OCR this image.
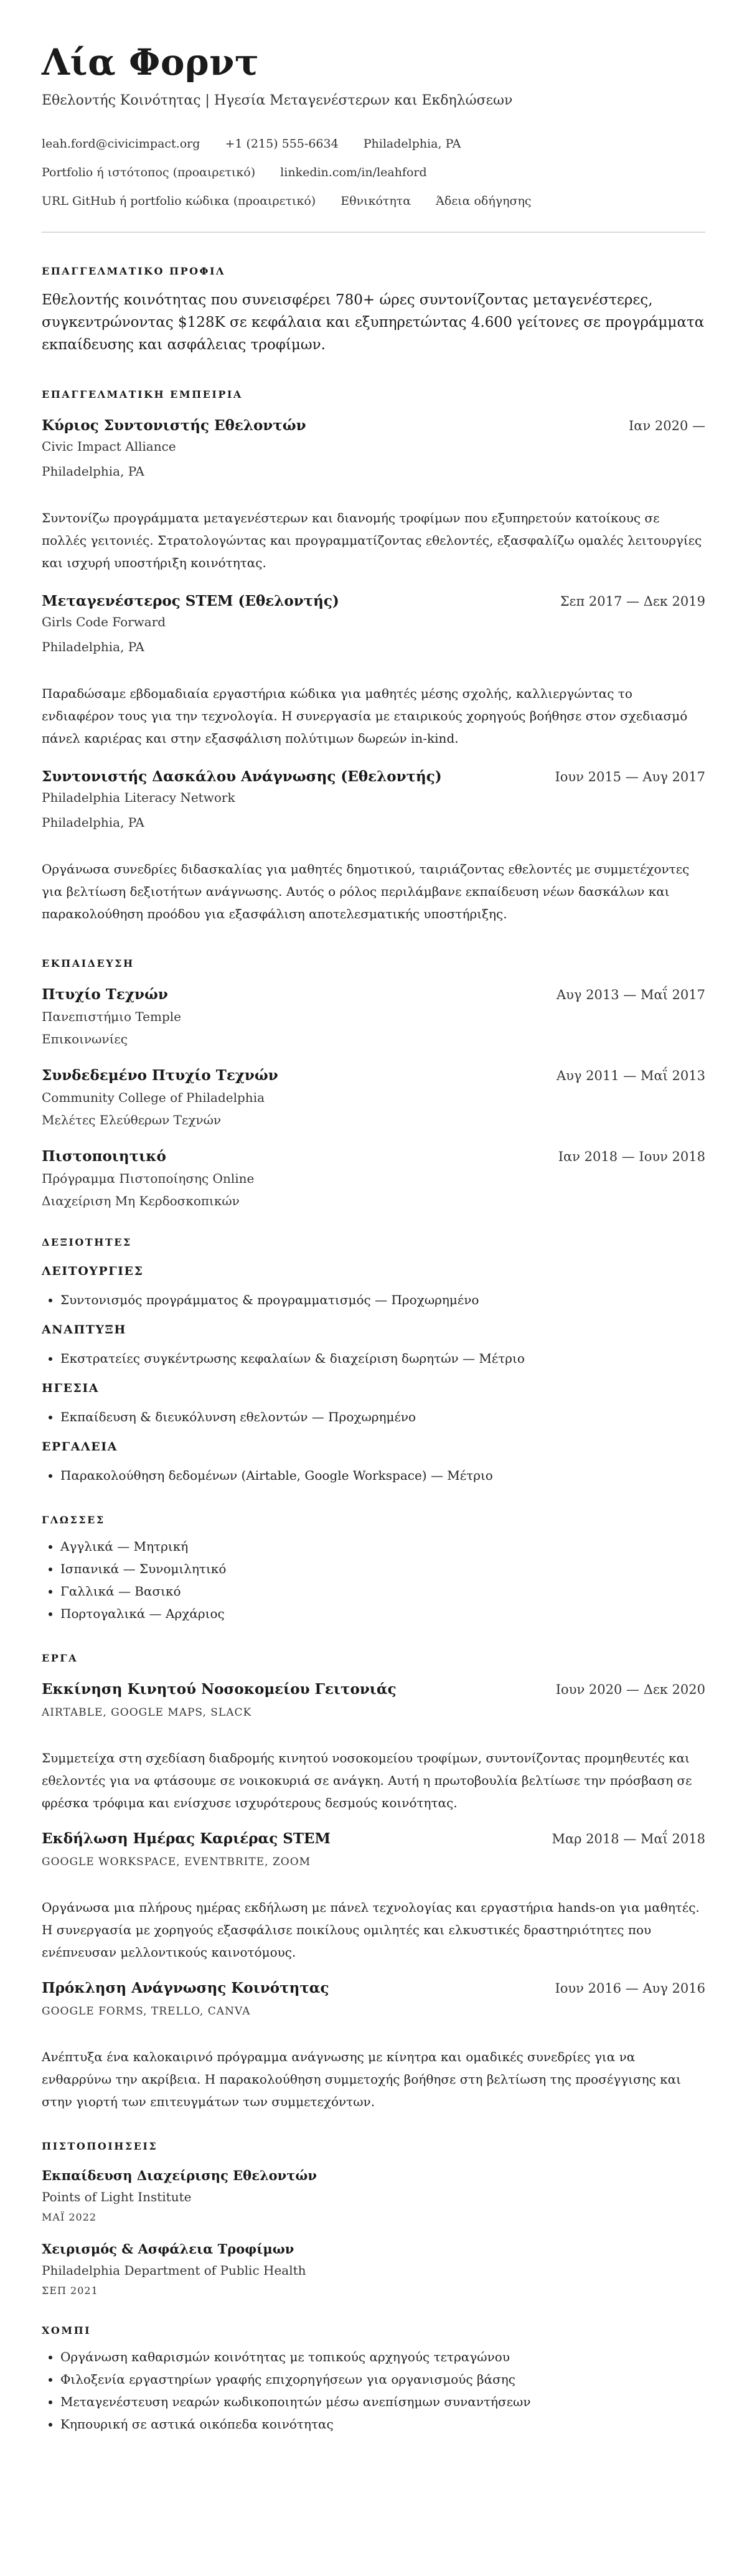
Λία Φορντ
Εθελοντής Κοινότητας | Ηγεσία Μεταγενέστερων και Εκδηλώσεων
leah.ford@civicimpact.org +1 (215) 555-6634 Philadelphia, PA
Portfolio ή ιστότοπος (προαιρετικό) linkedin.com/in/leahford
URL GitHub ή portfolio κώδικα (προαιρετικό) Εθνικότητα Άδεια οδήγησης
ΕΠΑΓΓΕΛΜΑΤΙΚΟ ΠΡΟΦΙΛ
Εθελοντής κοινότητας που συνεισφέρει 780+ ώρες συντονίζοντας μεταγενέστερες, συγκεντρώνοντας $128K σε κεφάλαια και εξυπηρετώντας 4.600 γείτονες σε προγράμματα εκπαίδευσης και ασφάλειας τροφίμων.
ΕΠΑΓΓΕΛΜΑΤΙΚΗ ΕΜΠΕΙΡΙΑ
Κύριος Συντονιστής Εθελοντών	Ιαν 2020 —
Civic Impact Alliance
Philadelphia, PA
Συντονίζω προγράμματα μεταγενέστερων και διανομής τροφίμων που εξυπηρετούν κατοίκους σε πολλές γειτονιές. Στρατολογώντας και προγραμματίζοντας εθελοντές, εξασφαλίζω ομαλές λειτουργίες και ισχυρή υποστήριξη κοινότητας.
Μεταγενέστερος STEM (Εθελοντής)	Σεπ 2017 — Δεκ 2019
Girls Code Forward
Philadelphia, PA
Παραδώσαμε εβδομαδιαία εργαστήρια κώδικα για μαθητές μέσης σχολής, καλλιεργώντας το ενδιαφέρον τους για την τεχνολογία. Η συνεργασία με εταιρικούς χορηγούς βοήθησε στον σχεδιασμό πάνελ καριέρας και στην εξασφάλιση πολύτιμων δωρεών in-kind.
Συντονιστής Δασκάλου Ανάγνωσης (Εθελοντής)	Ιουν 2015 — Αυγ 2017
Philadelphia Literacy Network
Philadelphia, PA
Οργάνωσα συνεδρίες διδασκαλίας για μαθητές δημοτικού, ταιριάζοντας εθελοντές με συμμετέχοντες για βελτίωση δεξιοτήτων ανάγνωσης. Αυτός ο ρόλος περιλάμβανε εκπαίδευση νέων δασκάλων και παρακολούθηση προόδου για εξασφάλιση αποτελεσματικής υποστήριξης.
ΕΚΠΑΙΔΕΥΣΗ
Πτυχίο Τεχνών	Αυγ 2013 — Μαΐ 2017
Πανεπιστήμιο Temple
Επικοινωνίες
Συνδεδεμένο Πτυχίο Τεχνών	Αυγ 2011 — Μαΐ 2013
Community College of Philadelphia
Μελέτες Ελεύθερων Τεχνών
Πιστοποιητικό	Ιαν 2018 — Ιουν 2018
Πρόγραμμα Πιστοποίησης Online
Διαχείριση Μη Κερδοσκοπικών
ΔΕΞΙΟΤΗΤΕΣ
ΛΕΙΤΟΥΡΓΙΕΣ
• Συντονισμός προγράμματος & προγραμματισμός — Προχωρημένο
ΑΝΑΠΤΥΞΗ
• Εκστρατείες συγκέντρωσης κεφαλαίων & διαχείριση δωρητών — Μέτριο
ΗΓΕΣΙΑ
• Εκπαίδευση & διευκόλυνση εθελοντών — Προχωρημένο
ΕΡΓΑΛΕΙΑ
• Παρακολούθηση δεδομένων (Airtable, Google Workspace) — Μέτριο
ΓΛΩΣΣΕΣ
• Αγγλικά — Μητρική
• Ισπανικά — Συνομιλητικό
• Γαλλικά — Βασικό
• Πορτογαλικά — Αρχάριος
ΕΡΓΑ
Εκκίνηση Κινητού Νοσοκομείου Γειτονιάς	Ιουν 2020 — Δεκ 2020
AIRTABLE, GOOGLE MAPS, SLACK
Συμμετείχα στη σχεδίαση διαδρομής κινητού νοσοκομείου τροφίμων, συντονίζοντας προμηθευτές και εθελοντές για να φτάσουμε σε νοικοκυριά σε ανάγκη. Αυτή η πρωτοβουλία βελτίωσε την πρόσβαση σε φρέσκα τρόφιμα και ενίσχυσε ισχυρότερους δεσμούς κοινότητας.
Εκδήλωση Ημέρας Καριέρας STEM	Μαρ 2018 — Μαΐ 2018
GOOGLE WORKSPACE, EVENTBRITE, ZOOM
Οργάνωσα μια πλήρους ημέρας εκδήλωση με πάνελ τεχνολογίας και εργαστήρια hands-on για μαθητές. Η συνεργασία με χορηγούς εξασφάλισε ποικίλους ομιλητές και ελκυστικές δραστηριότητες που ενέπνευσαν μελλοντικούς καινοτόμους.
Πρόκληση Ανάγνωσης Κοινότητας	Ιουν 2016 — Αυγ 2016
GOOGLE FORMS, TRELLO, CANVA
Ανέπτυξα ένα καλοκαιρινό πρόγραμμα ανάγνωσης με κίνητρα και ομαδικές συνεδρίες για να ενθαρρύνω την ακρίβεια. Η παρακολούθηση συμμετοχής βοήθησε στη βελτίωση της προσέγγισης και στην γιορτή των επιτευγμάτων των συμμετεχόντων.
ΠΙΣΤΟΠΟΙΗΣΕΙΣ
Εκπαίδευση Διαχείρισης Εθελοντών
Points of Light Institute
ΜΑΪ 2022
Χειρισμός & Ασφάλεια Τροφίμων
Philadelphia Department of Public Health
ΣΕΠ 2021
ΧΟΜΠΙ
• Οργάνωση καθαρισμών κοινότητας με τοπικούς αρχηγούς τετραγώνου
• Φιλοξενία εργαστηρίων γραφής επιχορηγήσεων για οργανισμούς βάσης
• Μεταγενέστευση νεαρών κωδικοποιητών μέσω ανεπίσημων συναντήσεων
• Κηπουρική σε αστικά οικόπεδα κοινότητας
